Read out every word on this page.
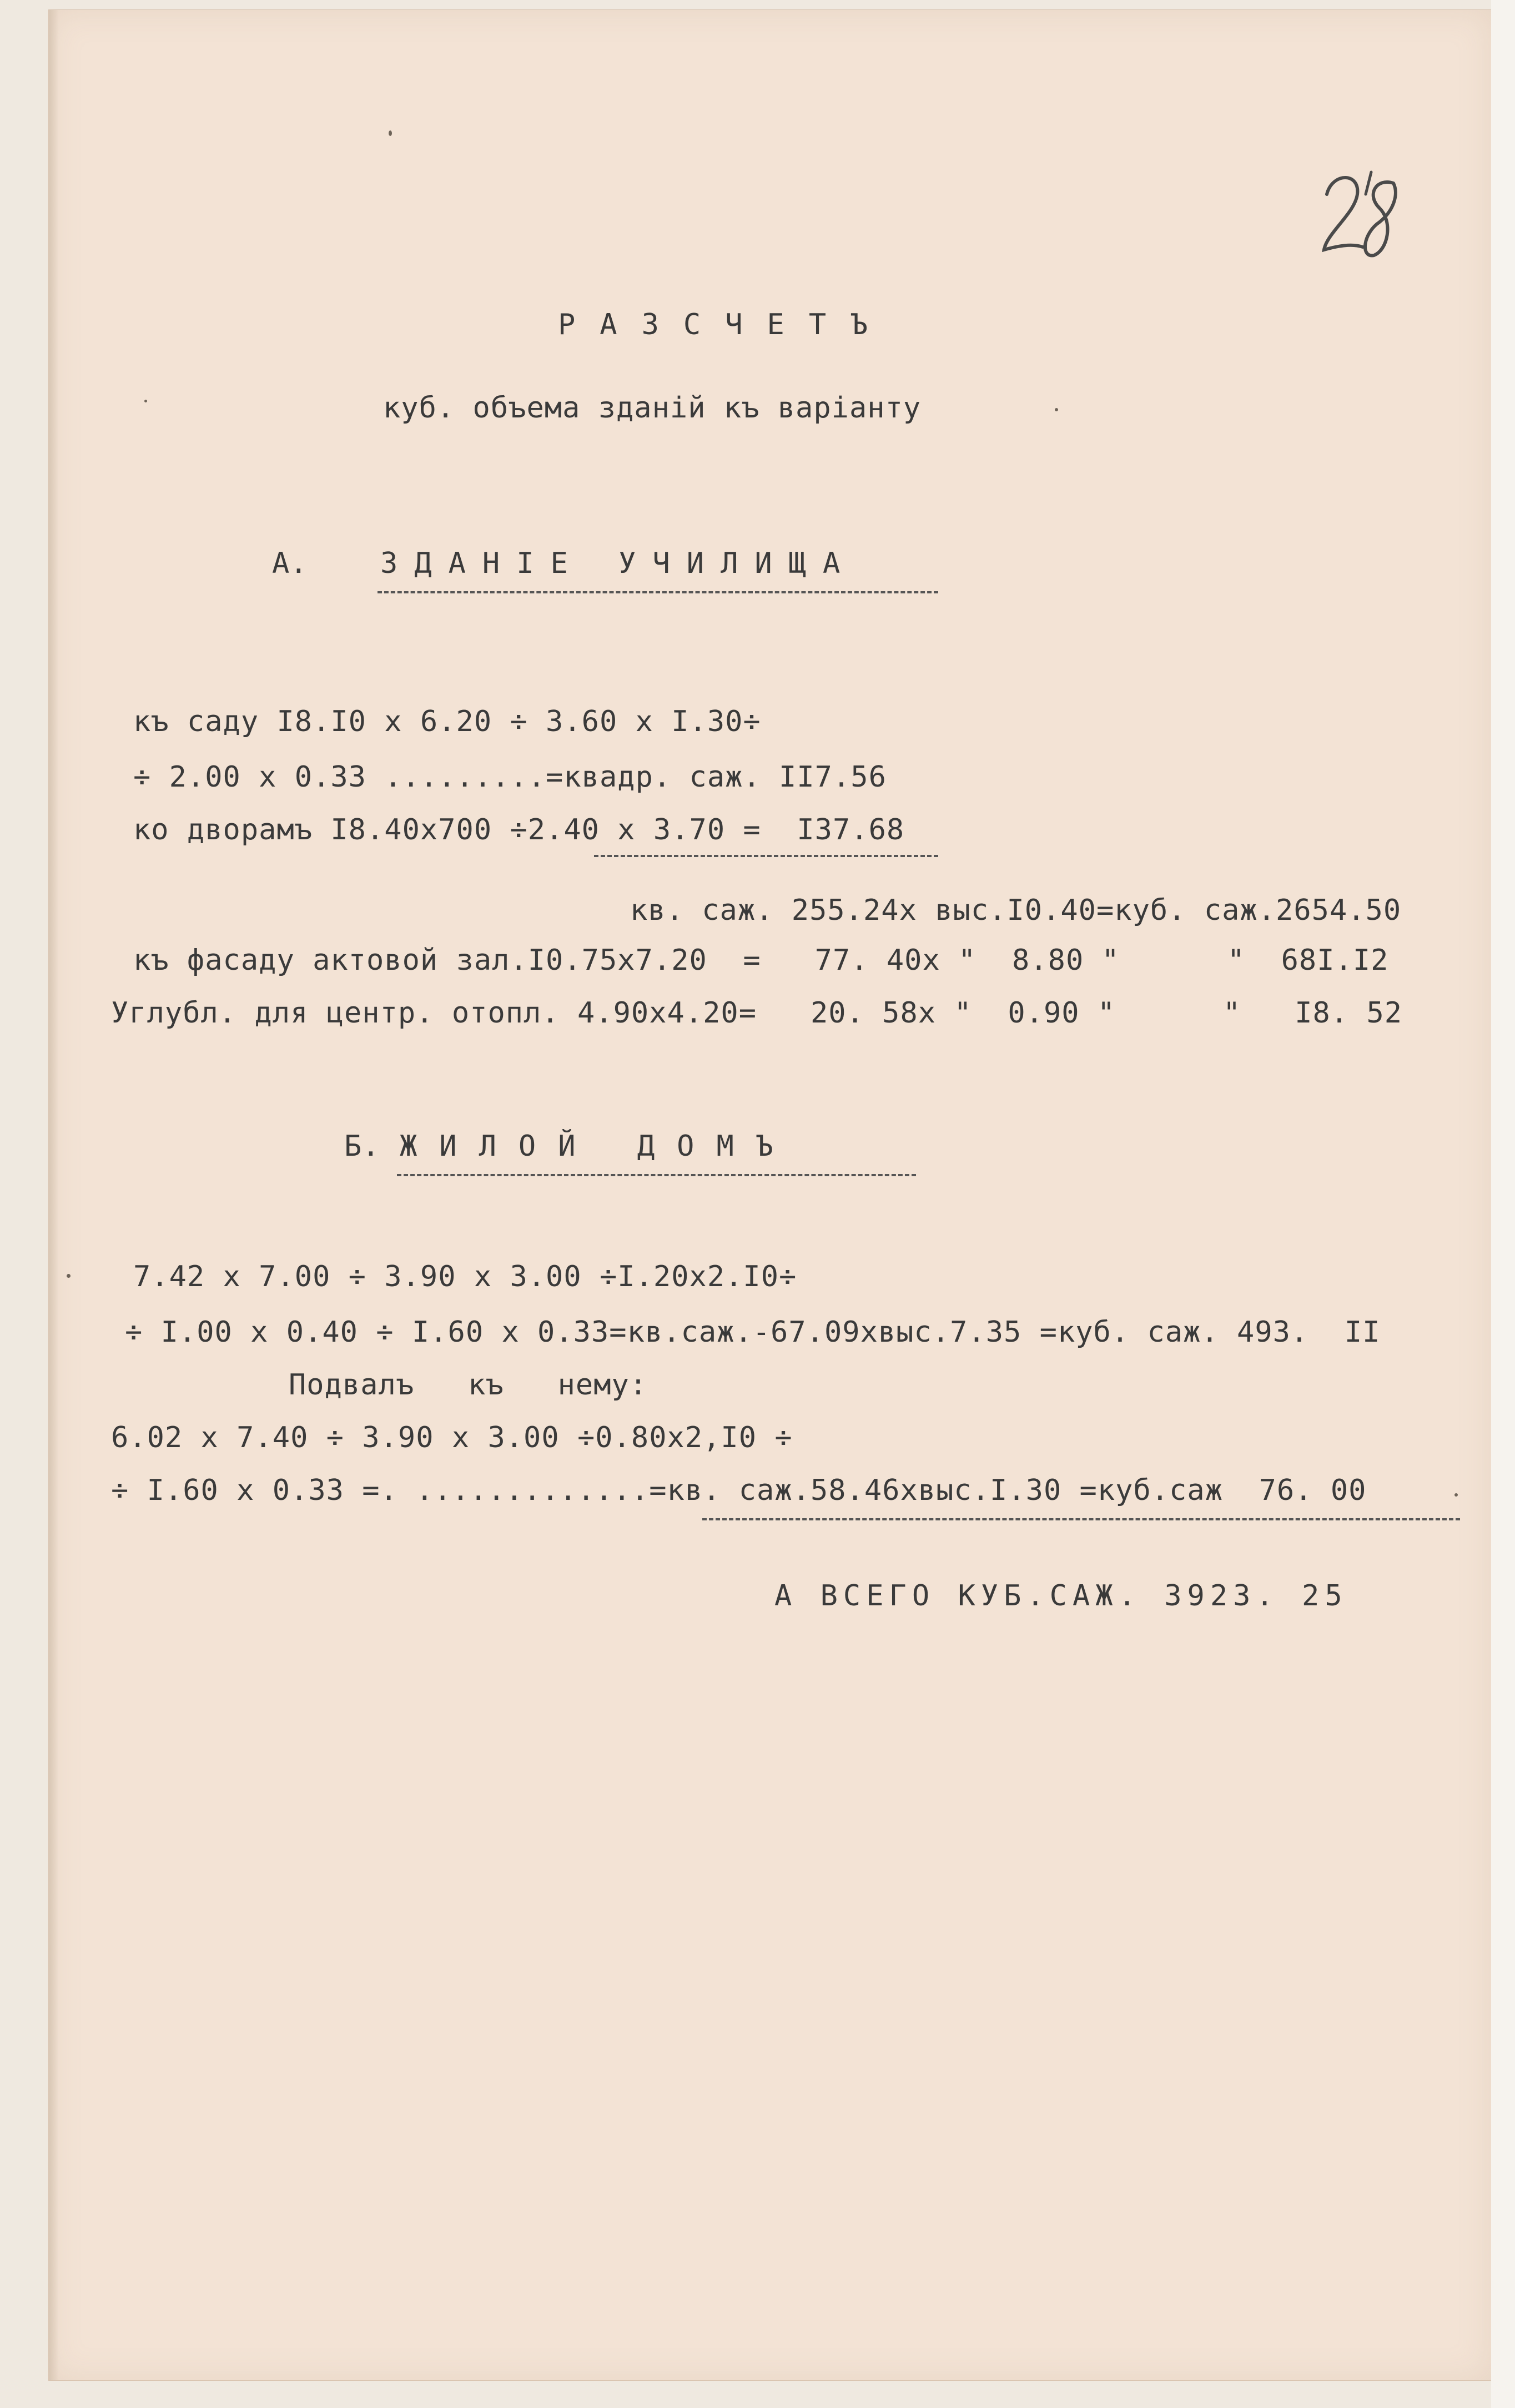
РАЗСЧЕТЪ

куб. объема зданій къ варіанту

А.	ЗДАНІЕ УЧИЛИЩА

къ саду I8.I0 x 6.20 ÷ 3.60 x I.30÷

÷ 2.00 x 0.33 .........=квадр. саж. II7.56

ко дворамъ I8.40x700 ÷2.40 x 3.70 =  I37.68

кв. саж. 255.24x выс.I0.40=куб. саж.2654.50

къ фасаду актовой зал.I0.75x7.20  =   77. 40x "  8.80 "      "  68I.I2

Углубл. для центр. отопл. 4.90x4.20=   20. 58x "  0.90 "      "   I8. 52

Б. ЖИЛОЙ ДОМЪ

7.42 x 7.00 ÷ 3.90 x 3.00 ÷I.20x2.I0÷

÷ I.00 x 0.40 ÷ I.60 x 0.33=кв.саж.-67.09xвыс.7.35 =куб. саж. 493.  II

Подвалъ   къ   нему:

6.02 x 7.40 ÷ 3.90 x 3.00 ÷0.80x2,I0 ÷

÷ I.60 x 0.33 =. .............=кв. саж.58.46xвыс.I.30 =куб.саж  76. 00

А ВСЕГО КУБ.САЖ. 3923. 25
